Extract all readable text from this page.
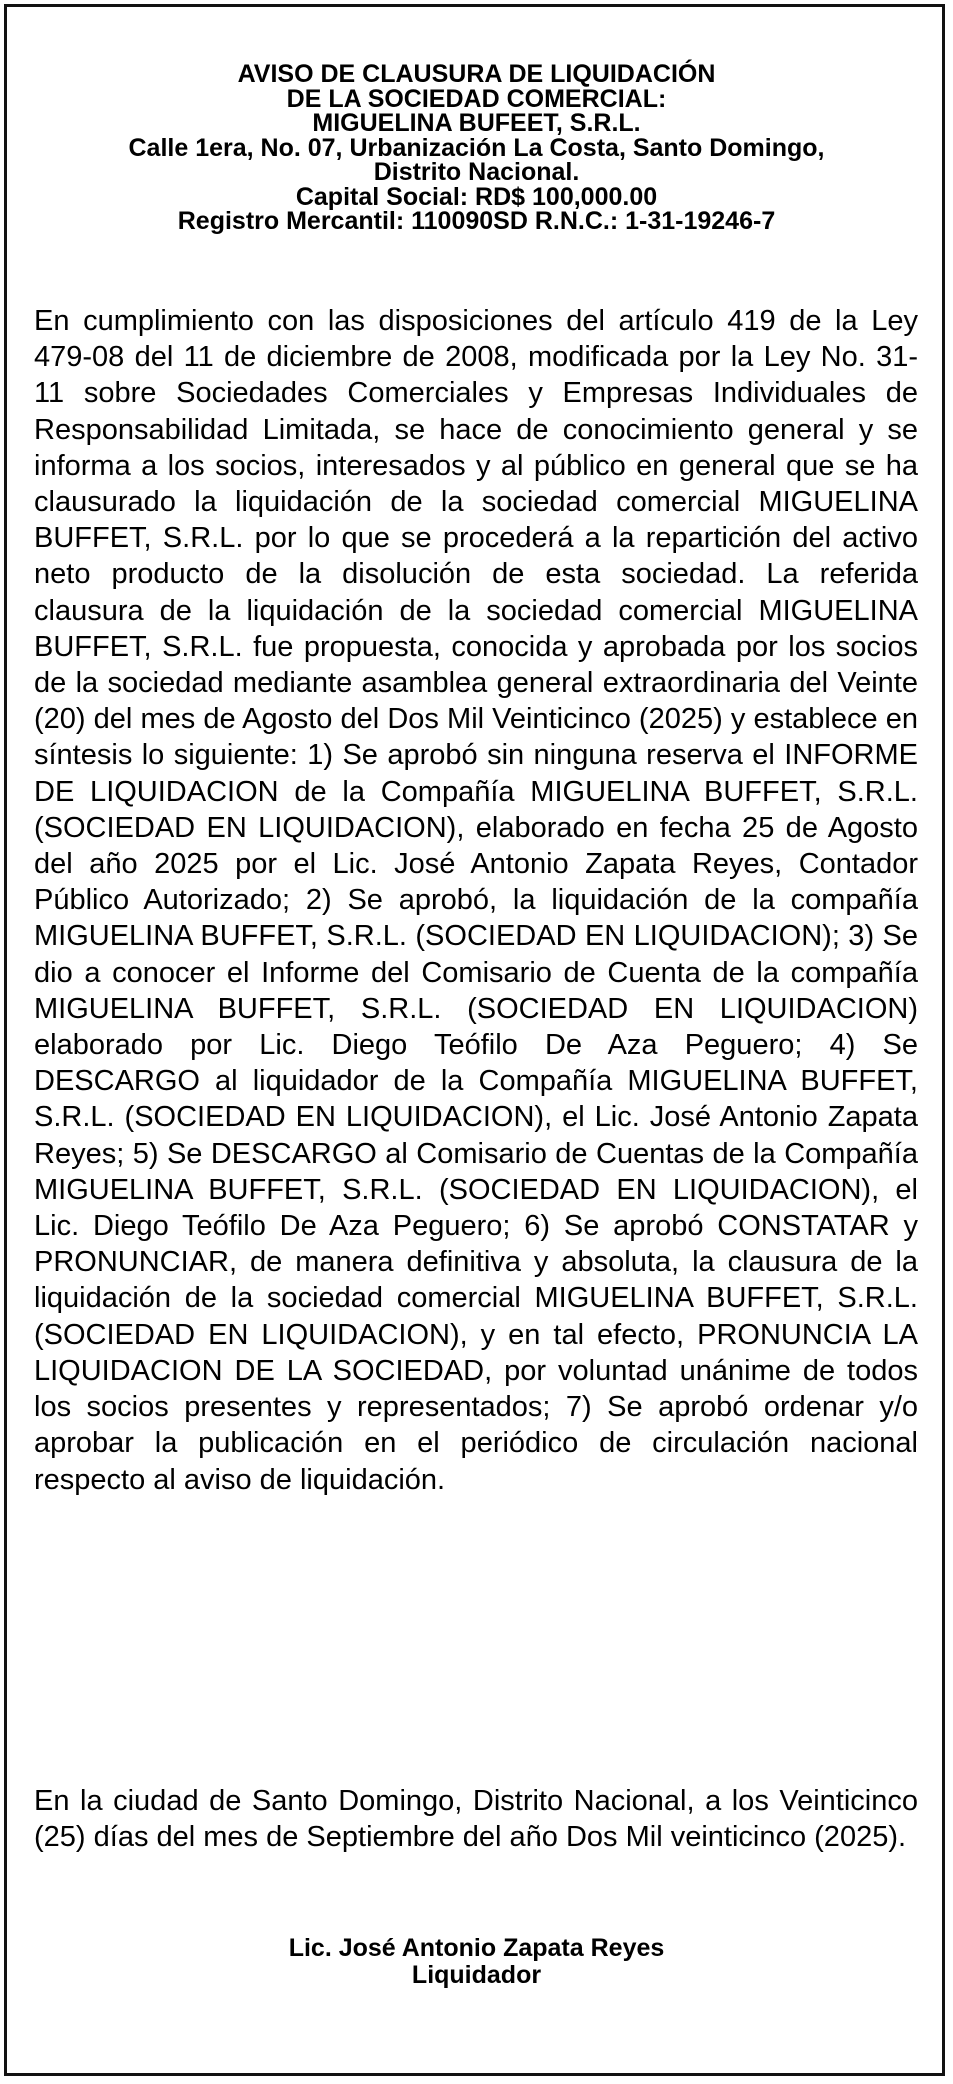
AVISO DE CLAUSURA DE LIQUIDACIÓN
DE LA SOCIEDAD COMERCIAL:
MIGUELINA BUFEET, S.R.L.
Calle 1era, No. 07, Urbanización La Costa, Santo Domingo,
Distrito Nacional.
Capital Social: RD$ 100,000.00
Registro Mercantil: 110090SD R.N.C.: 1-31-19246-7

En cumplimiento con las disposiciones del artículo 419 de la Ley 479-08 del 11 de diciembre de 2008, modificada por la Ley No. 31-11 sobre Sociedades Comerciales y Empresas Individuales de Responsabilidad Limitada, se hace de conocimiento general y se informa a los socios, interesados y al público en general que se ha clausurado la liquidación de la sociedad comercial MIGUELINA BUFFET, S.R.L. por lo que se procederá a la repartición del activo neto producto de la disolución de esta sociedad. La referida clausura de la liquidación de la sociedad comercial MIGUELINA BUFFET, S.R.L. fue propuesta, conocida y aprobada por los socios de la sociedad mediante asamblea general extraordinaria del Veinte (20) del mes de Agosto del Dos Mil Veinticinco (2025) y establece en síntesis lo siguiente: 1) Se aprobó sin ninguna reserva el INFORME DE LIQUIDACION de la Compañía MIGUELINA BUFFET, S.R.L. (SOCIEDAD EN LIQUIDACION), elaborado en fecha 25 de Agosto del año 2025 por el Lic. José Antonio Zapata Reyes, Contador Público Autorizado; 2) Se aprobó, la liquidación de la compañía MIGUELINA BUFFET, S.R.L. (SOCIEDAD EN LIQUIDACION); 3) Se dio a conocer el Informe del Comisario de Cuenta de la compañía MIGUELINA BUFFET, S.R.L. (SOCIEDAD EN LIQUIDACION) elaborado por Lic. Diego Teófilo De Aza Peguero; 4) Se DESCARGO al liquidador de la Compañía MIGUELINA BUFFET, S.R.L. (SOCIEDAD EN LIQUIDACION), el Lic. José Antonio Zapata Reyes; 5) Se DESCARGO al Comisario de Cuentas de la Compañía MIGUELINA BUFFET, S.R.L. (SOCIEDAD EN LIQUIDACION), el Lic. Diego Teófilo De Aza Peguero; 6) Se aprobó CONSTATAR y PRONUNCIAR, de manera definitiva y absoluta, la clausura de la liquidación de la sociedad comercial MIGUELINA BUFFET, S.R.L. (SOCIEDAD EN LIQUIDACION), y en tal efecto, PRONUNCIA LA LIQUIDACION DE LA SOCIEDAD, por voluntad unánime de todos los socios presentes y representados; 7) Se aprobó ordenar y/o aprobar la publicación en el periódico de circulación nacional respecto al aviso de liquidación.

En la ciudad de Santo Domingo, Distrito Nacional, a los Veinticinco (25) días del mes de Septiembre del año Dos Mil veinticinco (2025).

Lic. José Antonio Zapata Reyes
Liquidador
